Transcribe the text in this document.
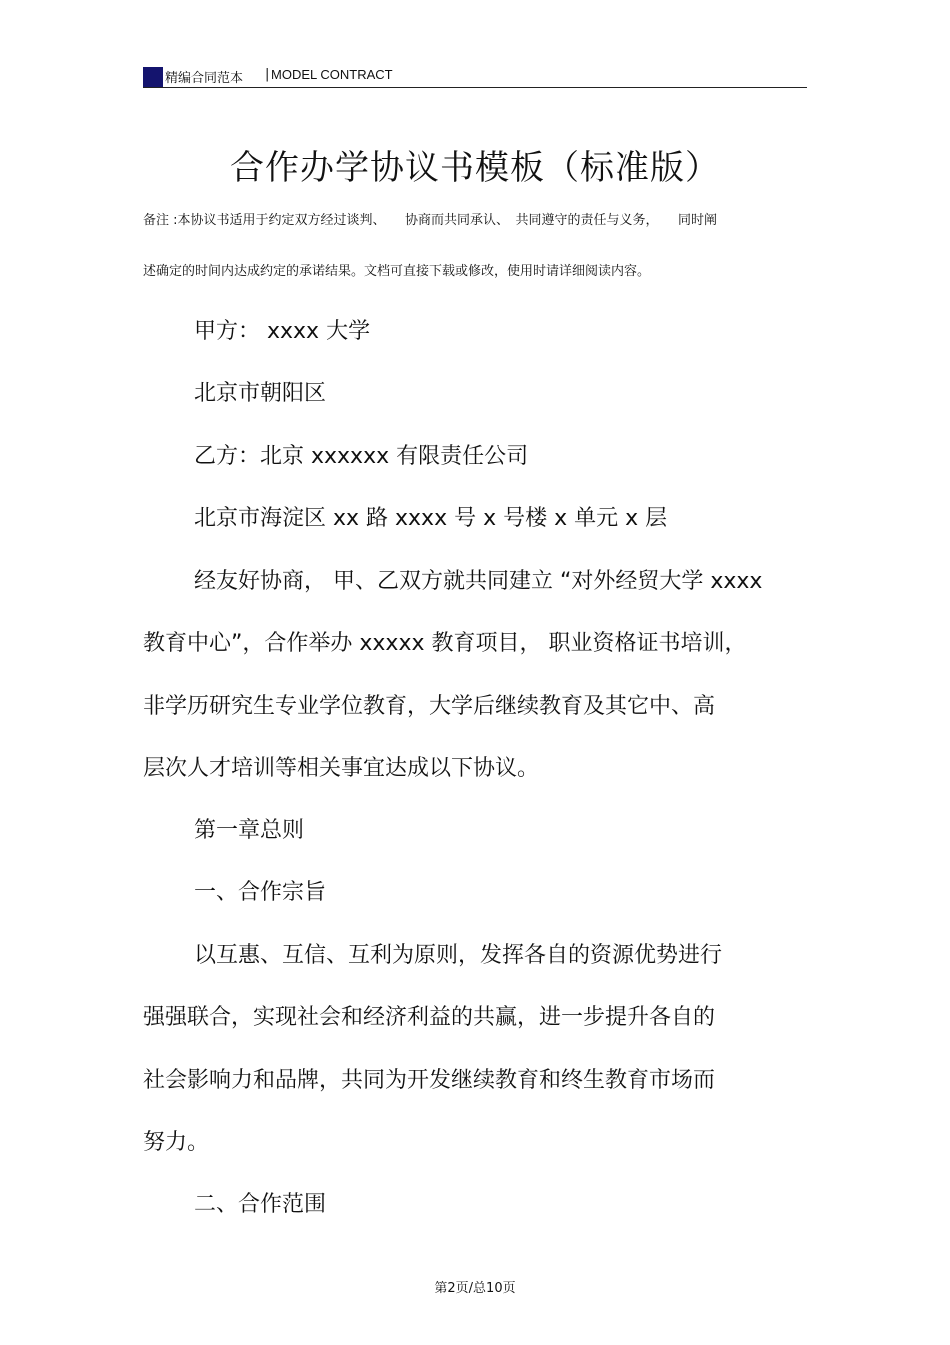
精编合同范本 | MODEL CONTRACT
合作办学协议书模板（标准版）
备注 :本协议书适用于约定双方经过谈判、　　协商而共同承认、　共同遵守的责任与义务，　　同时阐
述确定的时间内达成约定的承诺结果。文档可直接下载或修改，使用时请详细阅读内容。
甲方： xxxx 大学
北京市朝阳区
乙方：北京 xxxxxx 有限责任公司
北京市海淀区 xx 路 xxxx 号 x 号楼 x 单元 x 层
经友好协商， 甲、乙双方就共同建立 “对外经贸大学 xxxx
教育中心”，合作举办 xxxxx 教育项目， 职业资格证书培训，
非学历研究生专业学位教育，大学后继续教育及其它中、高
层次人才培训等相关事宜达成以下协议。
第一章总则
一、合作宗旨
以互惠、互信、互利为原则，发挥各自的资源优势进行
强强联合，实现社会和经济利益的共赢，进一步提升各自的
社会影响力和品牌，共同为开发继续教育和终生教育市场而
努力。
二、合作范围
第2页/总10页
